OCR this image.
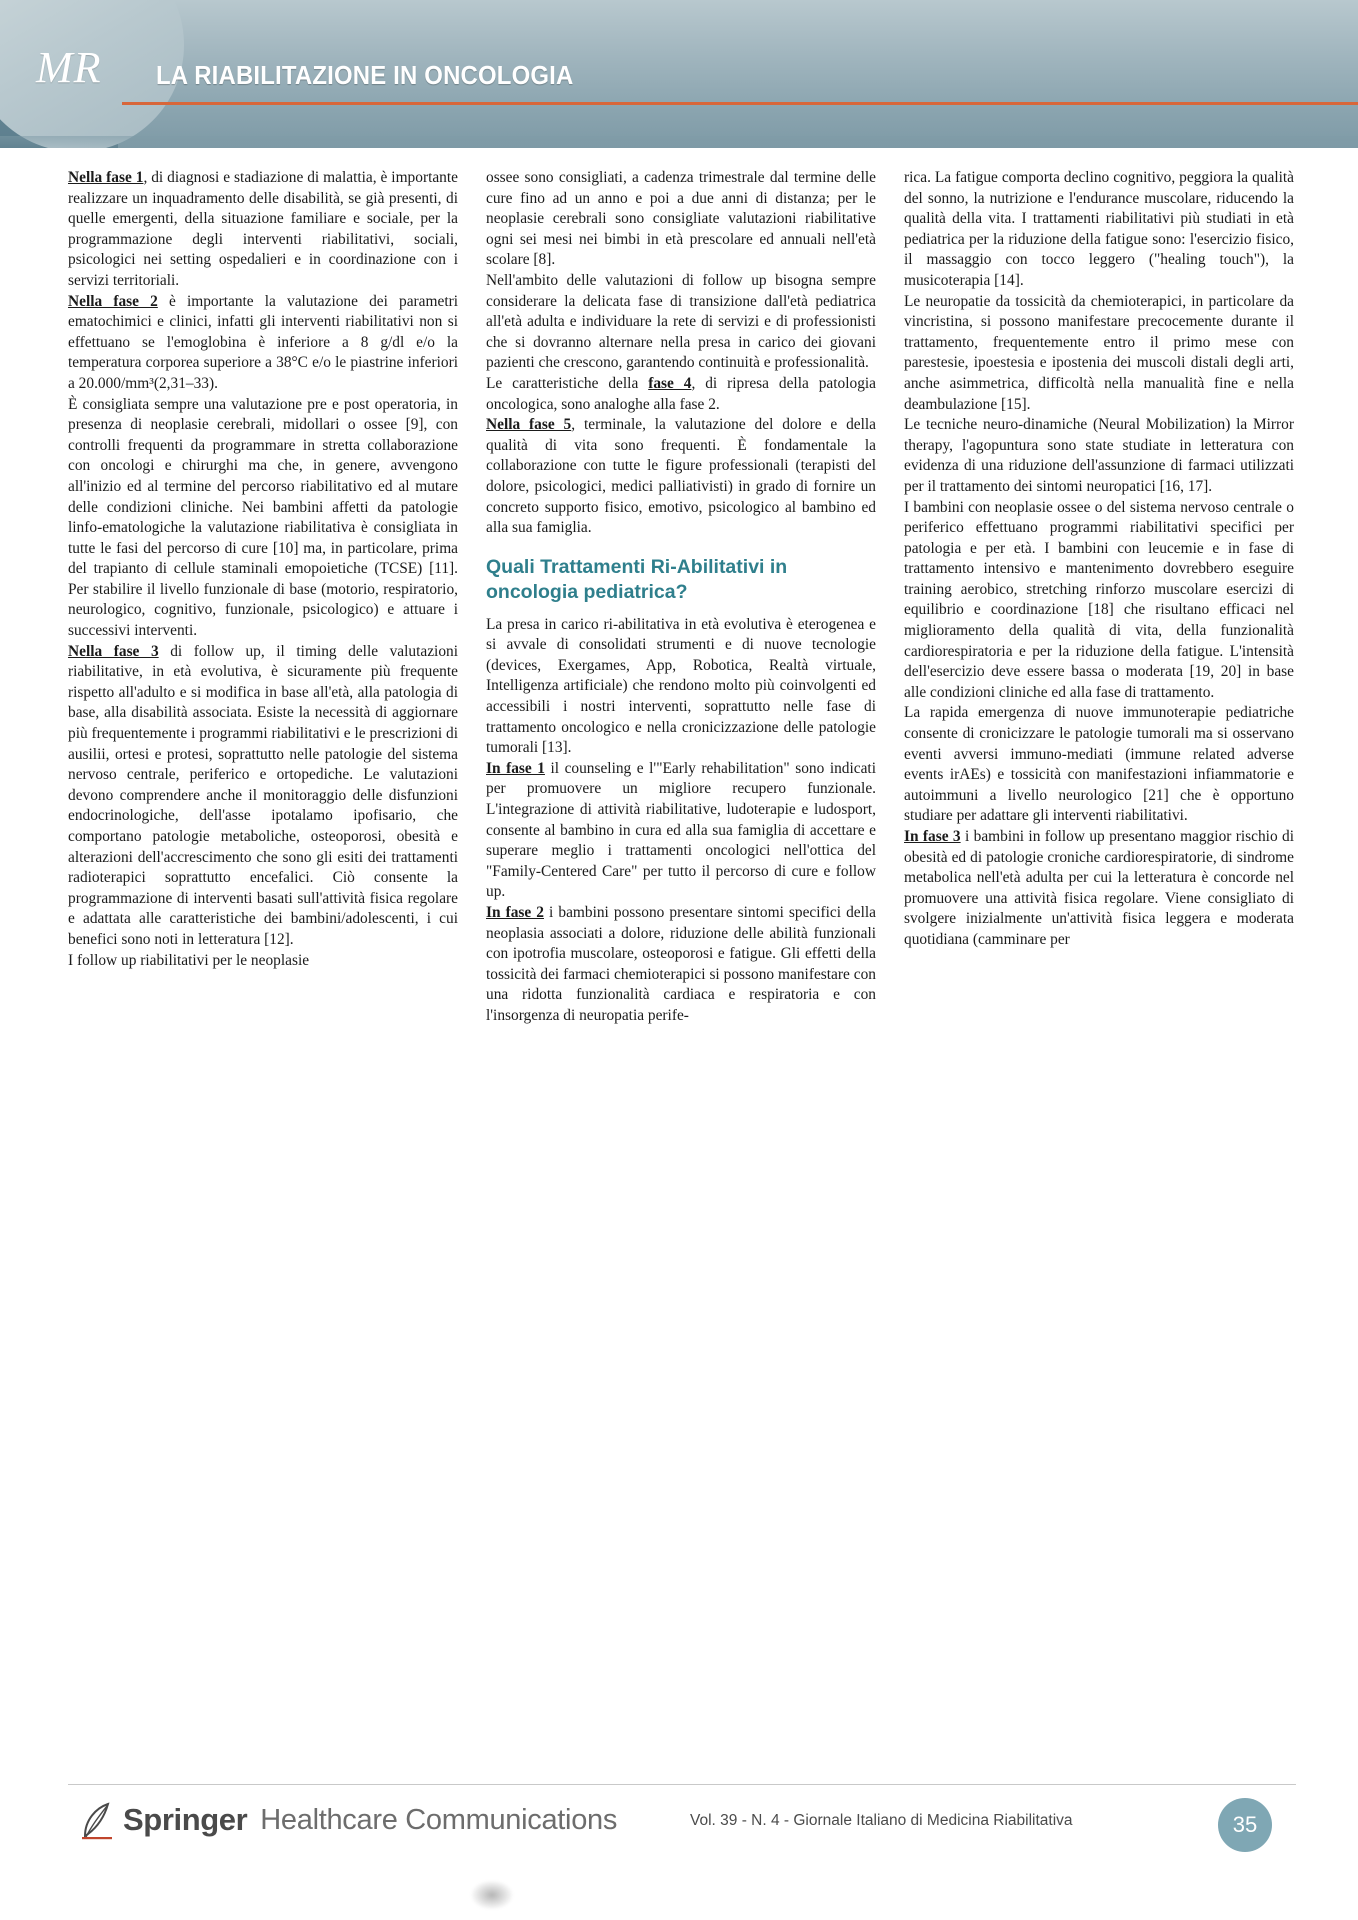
MR LA RIABILITAZIONE IN ONCOLOGIA

Nella fase 1, di diagnosi e stadiazione di malattia, è importante realizzare un inquadramento delle disabilità, se già presenti, di quelle emergenti, della situazione familiare e sociale, per la programmazione degli interventi riabilitativi, sociali, psicologici nei setting ospedalieri e in coordinazione con i servizi territoriali.

Nella fase 2 è importante la valutazione dei parametri ematochimici e clinici, infatti gli interventi riabilitativi non si effettuano se l'emoglobina è inferiore a 8 g/dl e/o la temperatura corporea superiore a 38°C e/o le piastrine inferiori a 20.000/mm³(2,31–33).

È consigliata sempre una valutazione pre e post operatoria, in presenza di neoplasie cerebrali, midollari o ossee [9], con controlli frequenti da programmare in stretta collaborazione con oncologi e chirurghi ma che, in genere, avvengono all'inizio ed al termine del percorso riabilitativo ed al mutare delle condizioni cliniche. Nei bambini affetti da patologie linfo-ematologiche la valutazione riabilitativa è consigliata in tutte le fasi del percorso di cure [10] ma, in particolare, prima del trapianto di cellule staminali emopoietiche (TCSE) [11]. Per stabilire il livello funzionale di base (motorio, respiratorio, neurologico, cognitivo, funzionale, psicologico) e attuare i successivi interventi.

Nella fase 3 di follow up, il timing delle valutazioni riabilitative, in età evolutiva, è sicuramente più frequente rispetto all'adulto e si modifica in base all'età, alla patologia di base, alla disabilità associata. Esiste la necessità di aggiornare più frequentemente i programmi riabilitativi e le prescrizioni di ausilii, ortesi e protesi, soprattutto nelle patologie del sistema nervoso centrale, periferico e ortopediche. Le valutazioni devono comprendere anche il monitoraggio delle disfunzioni endocrinologiche, dell'asse ipotalamo ipofisario, che comportano patologie metaboliche, osteoporosi, obesità e alterazioni dell'accrescimento che sono gli esiti dei trattamenti radioterapici soprattutto encefalici. Ciò consente la programmazione di interventi basati sull'attività fisica regolare e adattata alle caratteristiche dei bambini/adolescenti, i cui benefici sono noti in letteratura [12].

I follow up riabilitativi per le neoplasie

ossee sono consigliati, a cadenza trimestrale dal termine delle cure fino ad un anno e poi a due anni di distanza; per le neoplasie cerebrali sono consigliate valutazioni riabilitative ogni sei mesi nei bimbi in età prescolare ed annuali nell'età scolare [8].

Nell'ambito delle valutazioni di follow up bisogna sempre considerare la delicata fase di transizione dall'età pediatrica all'età adulta e individuare la rete di servizi e di professionisti che si dovranno alternare nella presa in carico dei giovani pazienti che crescono, garantendo continuità e professionalità.

Le caratteristiche della fase 4, di ripresa della patologia oncologica, sono analoghe alla fase 2.

Nella fase 5, terminale, la valutazione del dolore e della qualità di vita sono frequenti. È fondamentale la collaborazione con tutte le figure professionali (terapisti del dolore, psicologici, medici palliativisti) in grado di fornire un concreto supporto fisico, emotivo, psicologico al bambino ed alla sua famiglia.

Quali Trattamenti Ri-Abilitativi in oncologia pediatrica?

La presa in carico ri-abilitativa in età evolutiva è eterogenea e si avvale di consolidati strumenti e di nuove tecnologie (devices, Exergames, App, Robotica, Realtà virtuale, Intelligenza artificiale) che rendono molto più coinvolgenti ed accessibili i nostri interventi, soprattutto nelle fase di trattamento oncologico e nella cronicizzazione delle patologie tumorali [13].

In fase 1 il counseling e l'"Early rehabilitation" sono indicati per promuovere un migliore recupero funzionale. L'integrazione di attività riabilitative, ludoterapie e ludosport, consente al bambino in cura ed alla sua famiglia di accettare e superare meglio i trattamenti oncologici nell'ottica del "Family-Centered Care" per tutto il percorso di cure e follow up.

In fase 2 i bambini possono presentare sintomi specifici della neoplasia associati a dolore, riduzione delle abilità funzionali con ipotrofia muscolare, osteoporosi e fatigue. Gli effetti della tossicità dei farmaci chemioterapici si possono manifestare con una ridotta funzionalità cardiaca e respiratoria e con l'insorgenza di neuropatia perife-

rica. La fatigue comporta declino cognitivo, peggiora la qualità del sonno, la nutrizione e l'endurance muscolare, riducendo la qualità della vita. I trattamenti riabilitativi più studiati in età pediatrica per la riduzione della fatigue sono: l'esercizio fisico, il massaggio con tocco leggero ("healing touch"), la musicoterapia [14].

Le neuropatie da tossicità da chemioterapici, in particolare da vincristina, si possono manifestare precocemente durante il trattamento, frequentemente entro il primo mese con parestesie, ipoestesia e ipostenia dei muscoli distali degli arti, anche asimmetrica, difficoltà nella manualità fine e nella deambulazione [15].

Le tecniche neuro-dinamiche (Neural Mobilization) la Mirror therapy, l'agopuntura sono state studiate in letteratura con evidenza di una riduzione dell'assunzione di farmaci utilizzati per il trattamento dei sintomi neuropatici [16, 17].

I bambini con neoplasie ossee o del sistema nervoso centrale o periferico effettuano programmi riabilitativi specifici per patologia e per età. I bambini con leucemie e in fase di trattamento intensivo e mantenimento dovrebbero eseguire training aerobico, stretching rinforzo muscolare esercizi di equilibrio e coordinazione [18] che risultano efficaci nel miglioramento della qualità di vita, della funzionalità cardiorespiratoria e per la riduzione della fatigue. L'intensità dell'esercizio deve essere bassa o moderata [19, 20] in base alle condizioni cliniche ed alla fase di trattamento.

La rapida emergenza di nuove immunoterapie pediatriche consente di cronicizzare le patologie tumorali ma si osservano eventi avversi immuno-mediati (immune related adverse events irAEs) e tossicità con manifestazioni infiammatorie e autoimmuni a livello neurologico [21] che è opportuno studiare per adattare gli interventi riabilitativi.

In fase 3 i bambini in follow up presentano maggior rischio di obesità ed di patologie croniche cardiorespiratorie, di sindrome metabolica nell'età adulta per cui la letteratura è concorde nel promuovere una attività fisica regolare. Viene consigliato di svolgere inizialmente un'attività fisica leggera e moderata quotidiana (camminare per

Springer Healthcare Communications	Vol. 39 - N. 4 - Giornale Italiano di Medicina Riabilitativa	35
